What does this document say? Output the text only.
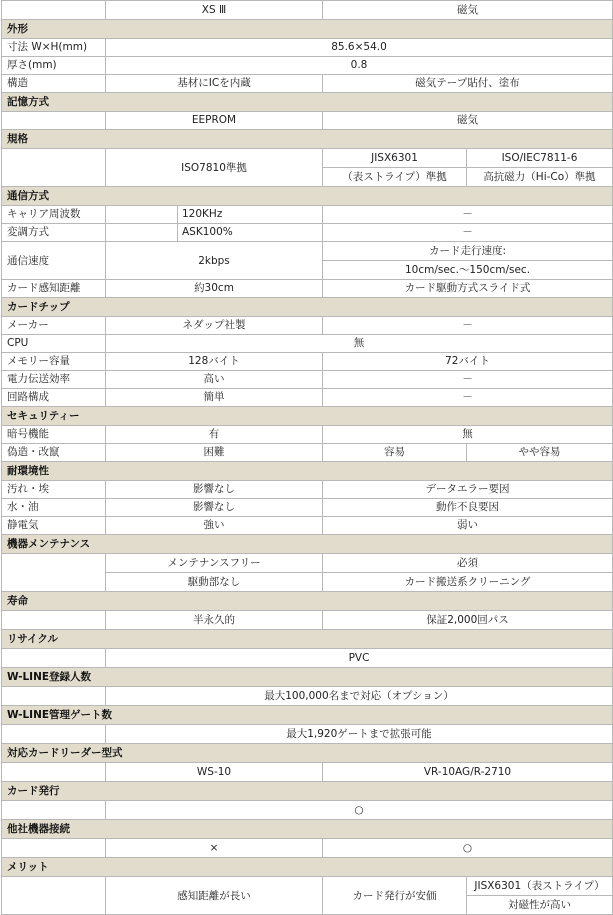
	XS Ⅲ		磁気	
外形				
寸法 W×H(mm)	85.6×54.0			
厚さ(mm)	0.8			
構造	基材にICを内蔵		磁気テープ貼付、塗布	
記憶方式				
	EEPROM		磁気	
規格				
	ISO7810準拠		JISX6301	ISO/IEC7811-6
			（表ストライプ）準拠	高抗磁力（Hi-Co）準拠
通信方式				
キャリア周波数		120KHz	－	
変調方式		ASK100%	－	
通信速度	2kbps		カード走行速度:	
			10cm/sec.～150cm/sec.	
カード感知距離	約30cm		カード駆動方式スライド式	
カードチップ				
メーカー	ネダップ社製		－	
CPU	無			
メモリー容量	128バイト		72バイト	
電力伝送効率	高い		－	
回路構成	簡単		－	
セキュリティー				
暗号機能	有		無	
偽造・改竄	困難		容易	やや容易
耐環境性				
汚れ・埃	影響なし		データエラー要因	
水・油	影響なし		動作不良要因	
静電気	強い		弱い	
機器メンテナンス				
	メンテナンスフリー		必須	
	駆動部なし		カード搬送系クリーニング	
寿命				
	半永久的		保証2,000回パス	
リサイクル				
	PVC			
W-LINE登録人数				
	最大100,000名まで対応（オプション）			
W-LINE管理ゲート数				
	最大1,920ゲートまで拡張可能			
対応カードリーダー型式				
	WS-10		VR-10AG/R-2710	
カード発行				
	○			
他社機器接続				
	×		○	
メリット				
	感知距離が長い		カード発行が安価	JISX6301（表ストライプ）
				対磁性が高い
